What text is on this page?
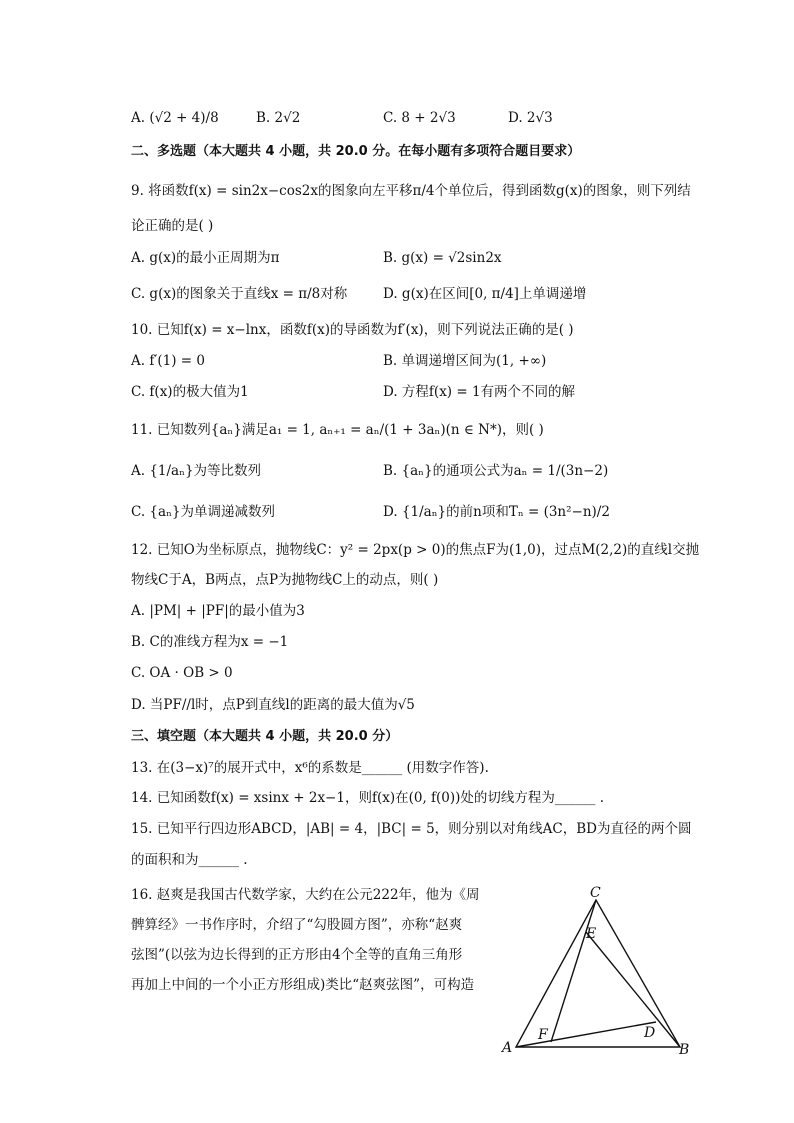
A. (√2 + 4)/8	B. 2√2	C. 8 + 2√3	D. 2√3
二、多选题（本大题共 4 小题，共 20.0 分。在每小题有多项符合题目要求）
9. 将函数f(x) = sin2x−cos2x的图象向左平移π/4个单位后，得到函数g(x)的图象，则下列结
论正确的是( )
A. g(x)的最小正周期为π	B. g(x) = √2sin2x
C. g(x)的图象关于直线x = π/8对称	D. g(x)在区间[0, π/4]上单调递增
10. 已知f(x) = x−lnx，函数f(x)的导函数为f′(x)，则下列说法正确的是( )
A. f′(1) = 0	B. 单调递增区间为(1, +∞)
C. f(x)的极大值为1	D. 方程f(x) = 1有两个不同的解
11. 已知数列{aₙ}满足a₁ = 1, aₙ₊₁ = aₙ/(1 + 3aₙ)(n ∈ N*)，则( )
A. {1/aₙ}为等比数列	B. {aₙ}的通项公式为aₙ = 1/(3n−2)
C. {aₙ}为单调递减数列	D. {1/aₙ}的前n项和Tₙ = (3n²−n)/2
12. 已知O为坐标原点，抛物线C：y² = 2px(p > 0)的焦点F为(1,0)，过点M(2,2)的直线l交抛
物线C于A，B两点，点P为抛物线C上的动点，则( )
A. |PM| + |PF|的最小值为3
B. C的准线方程为x = −1
C. OA · OB > 0
D. 当PF//l时，点P到直线l的距离的最大值为√5
三、填空题（本大题共 4 小题，共 20.0 分）
13. 在(3−x)⁷的展开式中，x⁶的系数是______ (用数字作答).
14. 已知函数f(x) = xsinx + 2x−1，则f(x)在(0, f(0))处的切线方程为______ .
15. 已知平行四边形ABCD，|AB| = 4，|BC| = 5，则分别以对角线AC，BD为直径的两个圆
的面积和为______ .
16. 赵爽是我国古代数学家，大约在公元222年，他为《周
髀算经》一书作序时，介绍了“勾股圆方图”，亦称“赵爽
弦图”(以弦为边长得到的正方形由4个全等的直角三角形
再加上中间的一个小正方形组成)类比“赵爽弦图”，可构造
A	B
C
D
E
F
